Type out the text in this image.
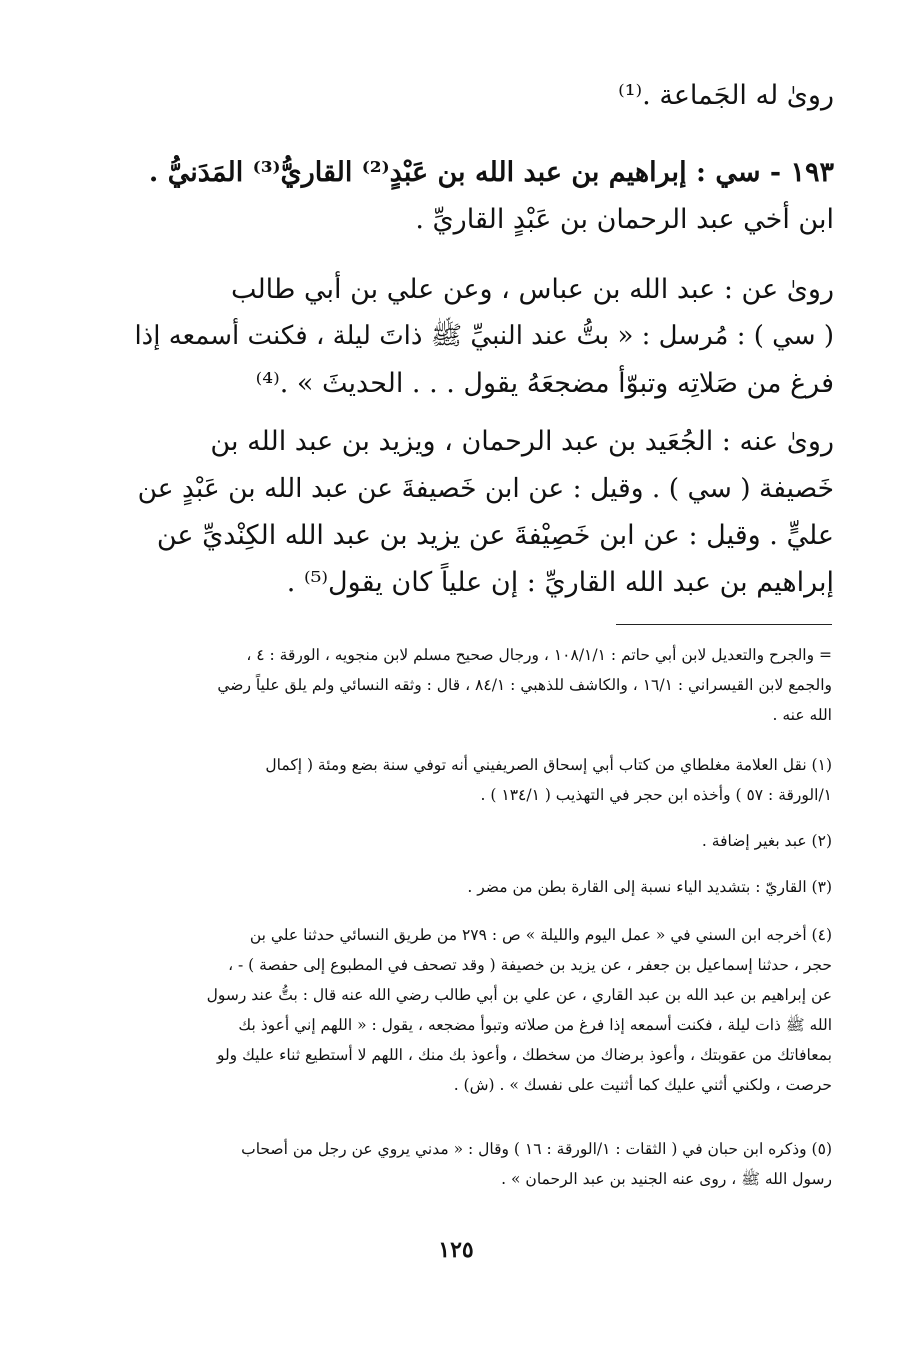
روىٰ له الجَماعة .⁽¹⁾
١٩٣ - سي : إبراهيم بن عبد الله بن عَبْدٍ⁽²⁾ القاريُّ⁽³⁾ المَدَنيُّ .
ابن أخي عبد الرحمان بن عَبْدٍ القاريِّ .
روىٰ عن : عبد الله بن عباس ، وعن علي بن أبي طالب
( سي ) : مُرسل : « بتُّ عند النبيِّ ﷺ ذاتَ ليلة ، فكنت أسمعه إذا
فرغ من صَلاتِه وتبوّأ مضجعَهُ يقول . . . الحديثَ » .⁽⁴⁾
روىٰ عنه : الجُعَيد بن عبد الرحمان ، ويزيد بن عبد الله بن
خَصيفة ( سي ) . وقيل : عن ابن خَصيفةَ عن عبد الله بن عَبْدٍ عن
عليٍّ . وقيل : عن ابن خَصِيْفةَ عن يزيد بن عبد الله الكِنْديِّ عن
إبراهيم بن عبد الله القاريِّ : إن علياً كان يقول⁽⁵⁾ .
= والجرح والتعديل لابن أبي حاتم : ١٠٨/١/١ ، ورجال صحيح مسلم لابن منجويه ، الورقة : ٤ ،
والجمع لابن القيسراني : ١٦/١ ، والكاشف للذهبي : ٨٤/١ ، قال : وثقه النسائي ولم يلق علياً رضي
الله عنه .
(١) نقل العلامة مغلطاي من كتاب أبي إسحاق الصريفيني أنه توفي سنة بضع ومئة ( إكمال
١/الورقة : ٥٧ ) وأخذه ابن حجر في التهذيب ( ١٣٤/١ ) .
(٢) عبد بغير إضافة .
(٣) القاريّ : بتشديد الياء نسبة إلى القارة بطن من مضر .
(٤) أخرجه ابن السني في « عمل اليوم والليلة » ص : ٢٧٩ من طريق النسائي حدثنا علي بن
حجر ، حدثنا إسماعيل بن جعفر ، عن يزيد بن خصيفة ( وقد تصحف في المطبوع إلى حفصة ) - ،
عن إبراهيم بن عبد الله بن عبد القاري ، عن علي بن أبي طالب رضي الله عنه قال : بتُّ عند رسول
الله ﷺ ذات ليلة ، فكنت أسمعه إذا فرغ من صلاته وتبوأ مضجعه ، يقول : « اللهم إني أعوذ بك
بمعافاتك من عقوبتك ، وأعوذ برضاك من سخطك ، وأعوذ بك منك ، اللهم لا أستطيع ثناء عليك ولو
حرصت ، ولكني أثني عليك كما أثنيت على نفسك » . (ش) .
(٥) وذكره ابن حبان في ( الثقات : ١/الورقة : ١٦ ) وقال : « مدني يروي عن رجل من أصحاب
رسول الله ﷺ ، روى عنه الجنيد بن عبد الرحمان » .
١٢٥
